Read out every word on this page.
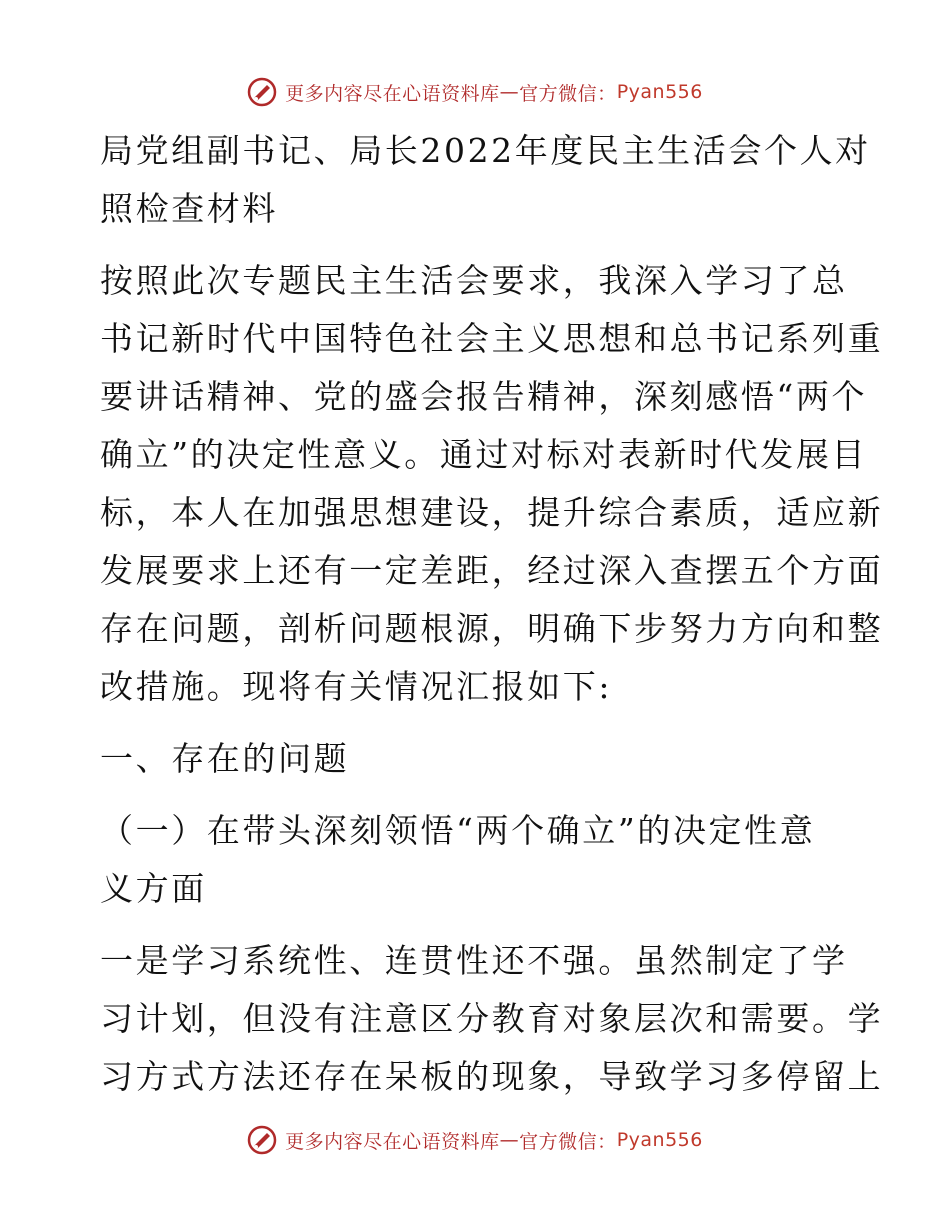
更多内容尽在心语资料库 — 官方微信： Pyan556
局党组副书记、局长2022年度民主生活会个人对
照检查材料
按照此次专题民主生活会要求，我深入学习了总
书记新时代中国特色社会主义思想和总书记系列重
要讲话精神、党的盛会报告精神，深刻感悟“两个
确立”的决定性意义。通过对标对表新时代发展目
标，本人在加强思想建设，提升综合素质，适应新
发展要求上还有一定差距，经过深入查摆五个方面
存在问题，剖析问题根源，明确下步努力方向和整
改措施。现将有关情况汇报如下:
一、存在的问题
（一）在带头深刻领悟“两个确立”的决定性意
义方面
一是学习系统性、连贯性还不强。虽然制定了学
习计划，但没有注意区分教育对象层次和需要。学
习方式方法还存在呆板的现象，导致学习多停留上
更多内容尽在心语资料库 — 官方微信： Pyan556
